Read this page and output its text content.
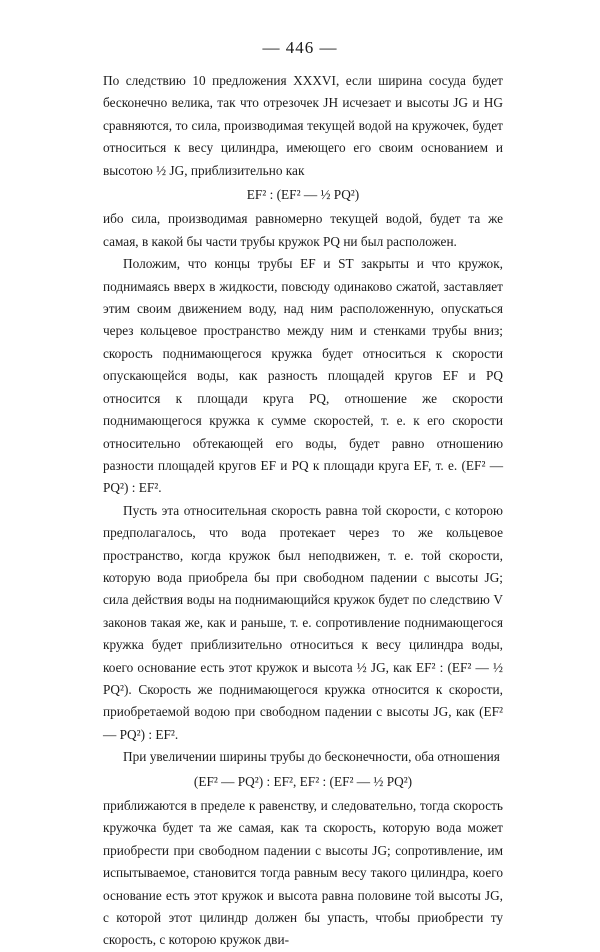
— 446 —

По следствию 10 предложения XXXVI, если ширина сосуда будет бесконечно велика, так что отрезочек JH исчезает и высоты JG и HG сравняются, то сила, производимая текущей водой на кружочек, будет относиться к весу цилиндра, имеющего его своим основанием и высотою ½ JG, приблизительно как

EF² : (EF² — ½ PQ²)

ибо сила, производимая равномерно текущей водой, будет та же самая, в какой бы части трубы кружок PQ ни был расположен.

Положим, что концы трубы EF и ST закрыты и что кружок, поднимаясь вверх в жидкости, повсюду одинаково сжатой, заставляет этим своим движением воду, над ним расположенную, опускаться через кольцевое пространство между ним и стенками трубы вниз; скорость поднимающегося кружка будет относиться к скорости опускающейся воды, как разность площадей кругов EF и PQ относится к площади круга PQ, отношение же скорости поднимающегося кружка к сумме скоростей, т. е. к его скорости относительно обтекающей его воды, будет равно отношению разности площадей кругов EF и PQ к площади круга EF, т. е. (EF² — PQ²) : EF².

Пусть эта относительная скорость равна той скорости, с которою предполагалось, что вода протекает через то же кольцевое пространство, когда кружок был неподвижен, т. е. той скорости, которую вода приобрела бы при свободном падении с высоты JG; сила действия воды на поднимающийся кружок будет по следствию V законов такая же, как и раньше, т. е. сопротивление поднимающегося кружка будет приблизительно относиться к весу цилиндра воды, коего основание есть этот кружок и высота ½ JG, как EF² : (EF² — ½ PQ²). Скорость же поднимающегося кружка относится к скорости, приобретаемой водою при свободном падении с высоты JG, как (EF² — PQ²) : EF².

При увеличении ширины трубы до бесконечности, оба отношения

(EF² — PQ²) : EF², EF² : (EF² — ½ PQ²)

приближаются в пределе к равенству, и следовательно, тогда скорость кружочка будет та же самая, как та скорость, которую вода может приобрести при свободном падении с высоты JG; сопротивление, им испытываемое, становится тогда равным весу такого цилиндра, коего основание есть этот кружок и высота равна половине той высоты JG, с которой этот цилиндр должен бы упасть, чтобы приобрести ту скорость, с которою кружок дви-
